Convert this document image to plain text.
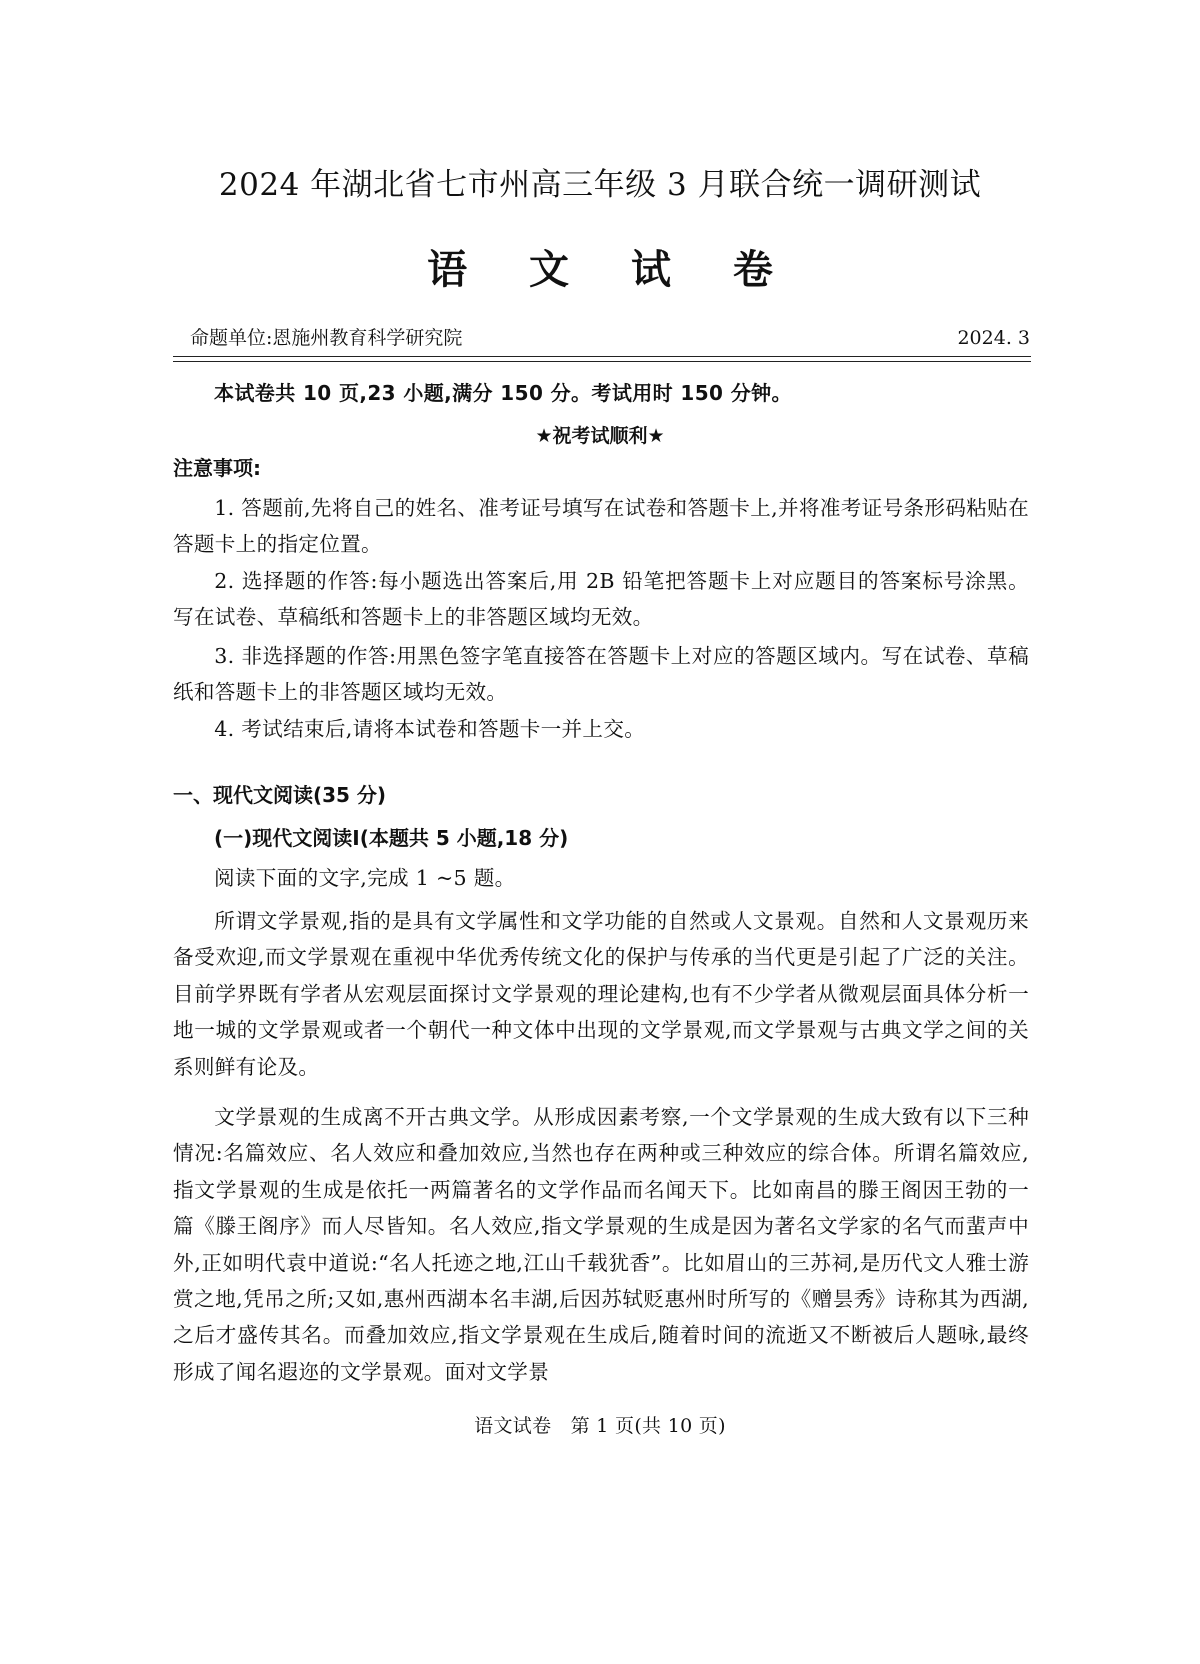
2024 年湖北省七市州高三年级 3 月联合统一调研测试
语 文 试 卷
命题单位:恩施州教育科学研究院	2024. 3
本试卷共 10 页,23 小题,满分 150 分。考试用时 150 分钟。
★祝考试顺利★
注意事项:

1. 答题前,先将自己的姓名、准考证号填写在试卷和答题卡上,并将准考证号条形码粘贴在答题卡上的指定位置。

2. 选择题的作答:每小题选出答案后,用 2B 铅笔把答题卡上对应题目的答案标号涂黑。写在试卷、草稿纸和答题卡上的非答题区域均无效。

3. 非选择题的作答:用黑色签字笔直接答在答题卡上对应的答题区域内。写在试卷、草稿纸和答题卡上的非答题区域均无效。

4. 考试结束后,请将本试卷和答题卡一并上交。

一、现代文阅读(35 分)
(一)现代文阅读Ⅰ(本题共 5 小题,18 分)
阅读下面的文字,完成 1 ~5 题。

所谓文学景观,指的是具有文学属性和文学功能的自然或人文景观。自然和人文景观历来备受欢迎,而文学景观在重视中华优秀传统文化的保护与传承的当代更是引起了广泛的关注。目前学界既有学者从宏观层面探讨文学景观的理论建构,也有不少学者从微观层面具体分析一地一城的文学景观或者一个朝代一种文体中出现的文学景观,而文学景观与古典文学之间的关系则鲜有论及。

文学景观的生成离不开古典文学。从形成因素考察,一个文学景观的生成大致有以下三种情况:名篇效应、名人效应和叠加效应,当然也存在两种或三种效应的综合体。所谓名篇效应,指文学景观的生成是依托一两篇著名的文学作品而名闻天下。比如南昌的滕王阁因王勃的一篇《滕王阁序》而人尽皆知。名人效应,指文学景观的生成是因为著名文学家的名气而蜚声中外,正如明代袁中道说:“名人托迹之地,江山千载犹香”。比如眉山的三苏祠,是历代文人雅士游赏之地,凭吊之所;又如,惠州西湖本名丰湖,后因苏轼贬惠州时所写的《赠昙秀》诗称其为西湖,之后才盛传其名。而叠加效应,指文学景观在生成后,随着时间的流逝又不断被后人题咏,最终形成了闻名遐迩的文学景观。面对文学景

语文试卷　第 1 页(共 10 页)
